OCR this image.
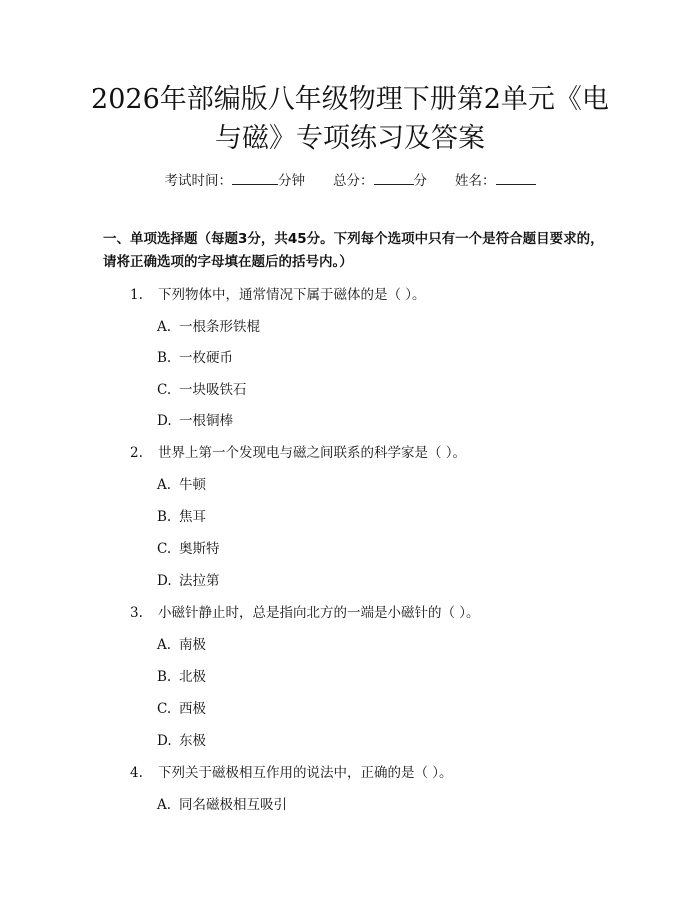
2026年部编版八年级物理下册第2单元《电与磁》专项练习及答案
考试时间：	分钟 总分：	分 姓名：
一、单项选择题（每题3分，共45分。下列每个选项中只有一个是符合题目要求的，请将正确选项的字母填在题后的括号内。）
1. 下列物体中，通常情况下属于磁体的是（ ）。
A. 一根条形铁棍
B. 一枚硬币
C. 一块吸铁石
D. 一根铜棒
2. 世界上第一个发现电与磁之间联系的科学家是（ ）。
A. 牛顿
B. 焦耳
C. 奥斯特
D. 法拉第
3. 小磁针静止时，总是指向北方的一端是小磁针的（ ）。
A. 南极
B. 北极
C. 西极
D. 东极
4. 下列关于磁极相互作用的说法中，正确的是（ ）。
A. 同名磁极相互吸引
